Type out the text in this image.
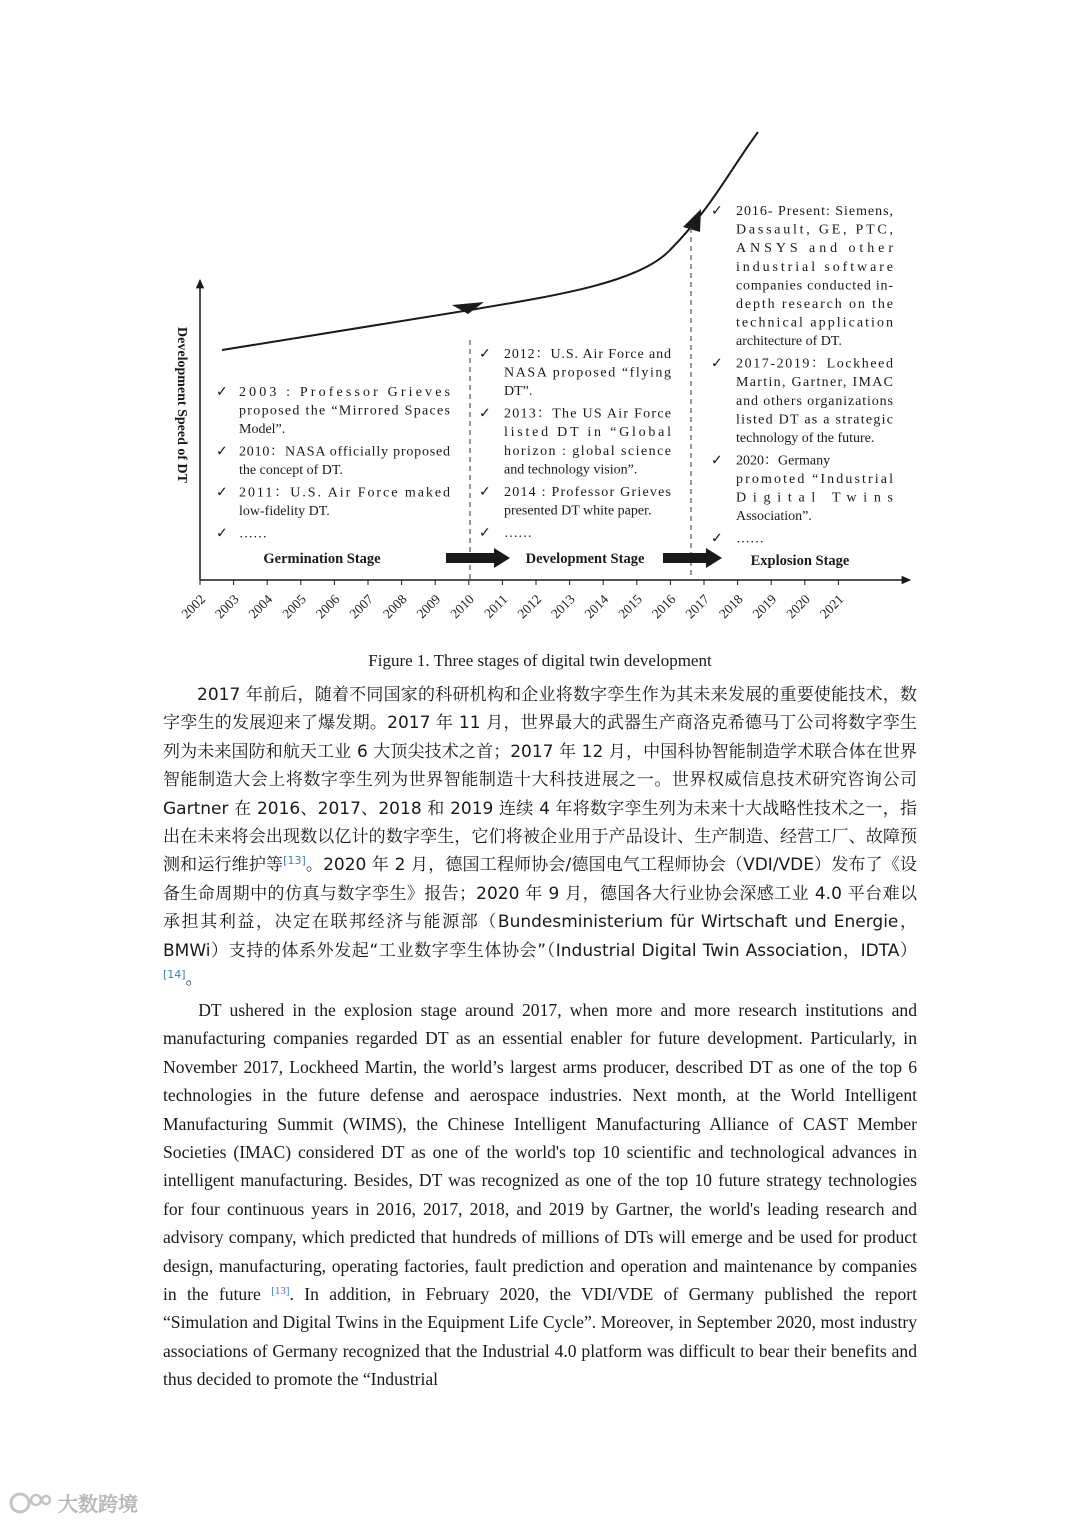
Development Speed of DT
Germination Stage	Development Stage	Explosion Stage
2002 2003 2004 2005 2006 2007 2008 2009 2010 2011 2012 2013 2014 2015 2016 2017 2018 2019 2020 2021
✓ 2003 : Professor Grieves
proposed the “Mirrored Spaces
Model”.
✓ 2010：NASA officially proposed
the concept of DT.
✓ 2011：U.S. Air Force maked
low-fidelity DT.
✓ ……
✓ 2012：U.S. Air Force and
NASA proposed “flying
DT”.
✓ 2013：The US Air Force
listed DT in “Global
horizon : global science
and technology vision”.
✓ 2014 : Professor Grieves
presented DT white paper.
✓ ……
✓ 2016- Present: Siemens,
Dassault, GE, PTC,
ANSYS and other
industrial software
companies conducted in-
depth research on the
technical application
architecture of DT.
✓ 2017-2019：Lockheed
Martin, Gartner, IMAC
and others organizations
listed DT as a strategic
technology of the future.
✓ 2020：Germany
promoted “Industrial
Digital Twins
Association”.
✓ ……
Figure 1. Three stages of digital twin development

2017 年前后，随着不同国家的科研机构和企业将数字孪生作为其未来发展的重要使能技术，数字孪生的发展迎来了爆发期。2017 年 11 月，世界最大的武器生产商洛克希德马丁公司将数字孪生列为未来国防和航天工业 6 大顶尖技术之首；2017 年 12 月，中国科协智能制造学术联合体在世界智能制造大会上将数字孪生列为世界智能制造十大科技进展之一。世界权威信息技术研究咨询公司 Gartner 在 2016、2017、2018 和 2019 连续 4 年将数字孪生列为未来十大战略性技术之一，指出在未来将会出现数以亿计的数字孪生，它们将被企业用于产品设计、生产制造、经营工厂、故障预测和运行维护等[13]。2020 年 2 月，德国工程师协会/德国电气工程师协会（VDI/VDE）发布了《设备生命周期中的仿真与数字孪生》报告；2020 年 9 月，德国各大行业协会深感工业 4.0 平台难以承担其利益，决定在联邦经济与能源部（Bundesministerium für Wirtschaft und Energie，BMWi）支持的体系外发起“工业数字孪生体协会”（Industrial Digital Twin Association，IDTA）[14]。

DT ushered in the explosion stage around 2017, when more and more research institutions and manufacturing companies regarded DT as an essential enabler for future development. Particularly, in November 2017, Lockheed Martin, the world’s largest arms producer, described DT as one of the top 6 technologies in the future defense and aerospace industries. Next month, at the World Intelligent Manufacturing Summit (WIMS), the Chinese Intelligent Manufacturing Alliance of CAST Member Societies (IMAC) considered DT as one of the world's top 10 scientific and technological advances in intelligent manufacturing. Besides, DT was recognized as one of the top 10 future strategy technologies for four continuous years in 2016, 2017, 2018, and 2019 by Gartner, the world's leading research and advisory company, which predicted that hundreds of millions of DTs will emerge and be used for product design, manufacturing, operating factories, fault prediction and operation and maintenance by companies in the future [13]. In addition, in February 2020, the VDI/VDE of Germany published the report “Simulation and Digital Twins in the Equipment Life Cycle”. Moreover, in September 2020, most industry associations of Germany recognized that the Industrial 4.0 platform was difficult to bear their benefits and thus decided to promote the “Industrial

大数跨境
